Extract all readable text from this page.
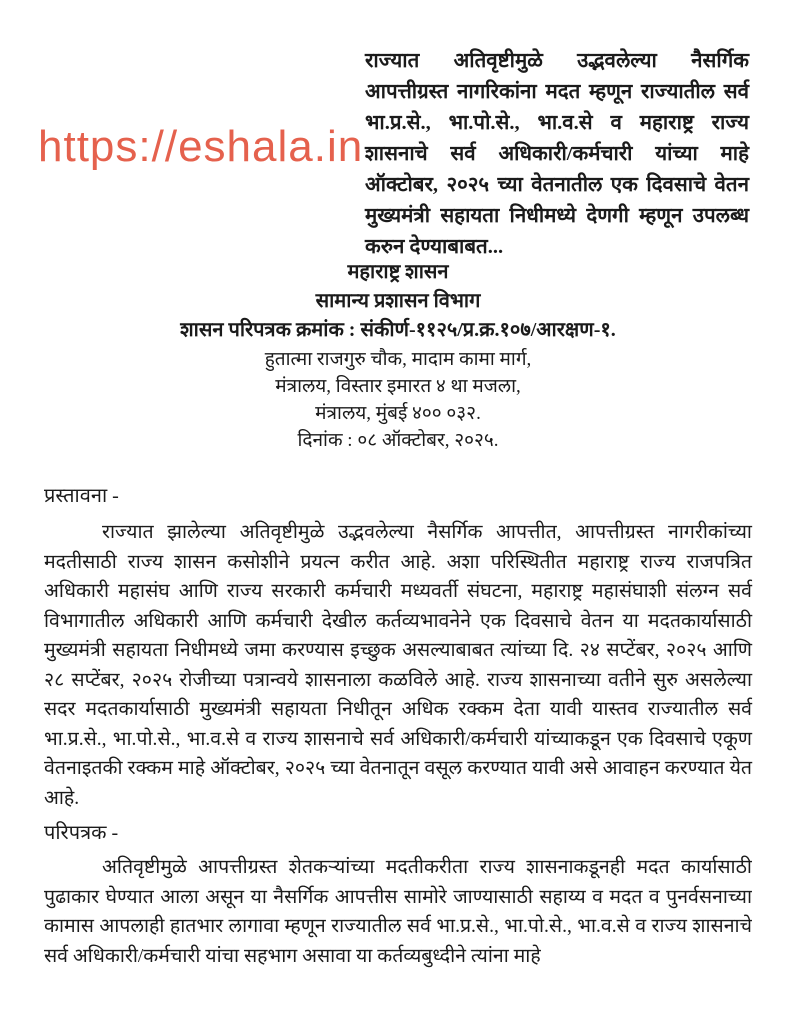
https://eshala.in
राज्यात अतिवृष्टीमुळे उद्भवलेल्या नैसर्गिक आपत्तीग्रस्त नागरिकांना मदत म्हणून राज्यातील सर्व भा.प्र.से., भा.पो.से., भा.व.से व महाराष्ट्र राज्य शासनाचे सर्व अधिकारी/कर्मचारी यांच्या माहे ऑक्टोबर, २०२५ च्या वेतनातील एक दिवसाचे वेतन मुख्यमंत्री सहायता निधीमध्ये देणगी म्हणून उपलब्ध करुन देण्याबाबत...
महाराष्ट्र शासन
सामान्य प्रशासन विभाग
शासन परिपत्रक क्रमांक : संकीर्ण-११२५/प्र.क्र.१०७/आरक्षण-१.
हुतात्मा राजगुरु चौक, मादाम कामा मार्ग,
मंत्रालय, विस्तार इमारत ४ था मजला,
मंत्रालय, मुंबई ४०० ०३२.
दिनांक : ०८ ऑक्टोबर, २०२५.
प्रस्तावना -

राज्यात झालेल्या अतिवृष्टीमुळे उद्भवलेल्या नैसर्गिक आपत्तीत, आपत्तीग्रस्त नागरीकांच्या मदतीसाठी राज्य शासन कसोशीने प्रयत्न करीत आहे. अशा परिस्थितीत महाराष्ट्र राज्य राजपत्रित अधिकारी महासंघ आणि राज्य सरकारी कर्मचारी मध्यवर्ती संघटना, महाराष्ट्र महासंघाशी संलग्न सर्व विभागातील अधिकारी आणि कर्मचारी देखील कर्तव्यभावनेने एक दिवसाचे वेतन या मदतकार्यासाठी मुख्यमंत्री सहायता निधीमध्ये जमा करण्यास इच्छुक असल्याबाबत त्यांच्या दि. २४ सप्टेंबर, २०२५ आणि २८ सप्टेंबर, २०२५ रोजीच्या पत्रान्वये शासनाला कळविले आहे. राज्य शासनाच्या वतीने सुरु असलेल्या सदर मदतकार्यासाठी मुख्यमंत्री सहायता निधीतून अधिक रक्कम देता यावी यास्तव राज्यातील सर्व भा.प्र.से., भा.पो.से., भा.व.से व राज्य शासनाचे सर्व अधिकारी/कर्मचारी यांच्याकडून एक दिवसाचे एकूण वेतनाइतकी रक्कम माहे ऑक्टोबर, २०२५ च्या वेतनातून वसूल करण्यात यावी असे आवाहन करण्यात येत आहे.

परिपत्रक -

अतिवृष्टीमुळे आपत्तीग्रस्त शेतकऱ्यांच्या मदतीकरीता राज्य शासनाकडूनही मदत कार्यासाठी पुढाकार घेण्यात आला असून या नैसर्गिक आपत्तीस सामोरे जाण्यासाठी सहाय्य व मदत व पुनर्वसनाच्या कामास आपलाही हातभार लागावा म्हणून राज्यातील सर्व भा.प्र.से., भा.पो.से., भा.व.से व राज्य शासनाचे सर्व अधिकारी/कर्मचारी यांचा सहभाग असावा या कर्तव्यबुध्दीने त्यांना माहे
